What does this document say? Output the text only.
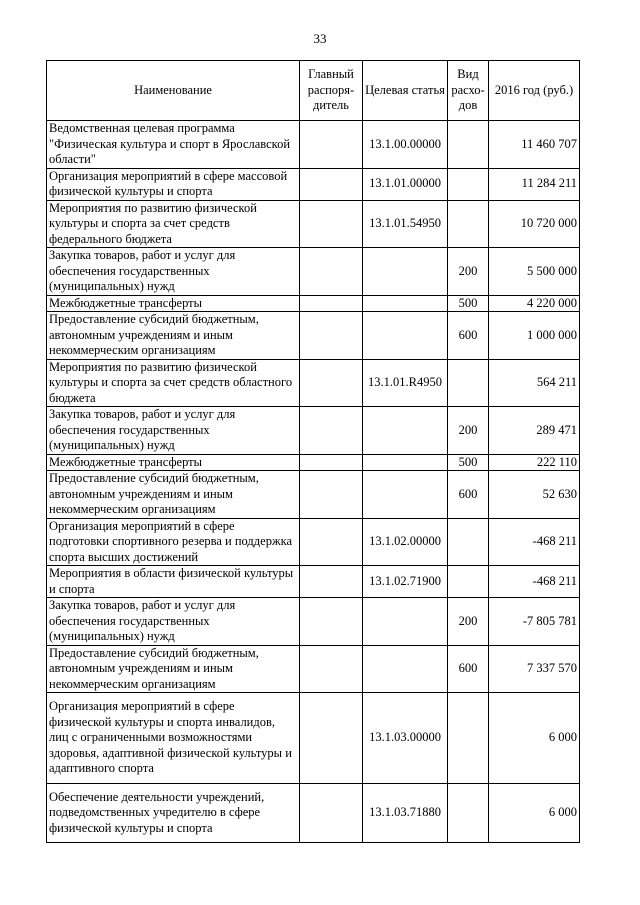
33
Наименование	Главный распоря-дитель	Целевая статья	Вид расхо-дов	2016 год (руб.)
Ведомственная целевая программа "Физическая культура и спорт в Ярославской области"		13.1.00.00000		11 460 707
Организация мероприятий в сфере массовой физической культуры и спорта		13.1.01.00000		11 284 211
Мероприятия по развитию физической культуры и спорта за счет средств федерального бюджета		13.1.01.54950		10 720 000
Закупка товаров, работ и услуг для обеспечения государственных (муниципальных) нужд			200	5 500 000
Межбюджетные трансферты			500	4 220 000
Предоставление субсидий бюджетным, автономным учреждениям и иным некоммерческим организациям			600	1 000 000
Мероприятия по развитию физической культуры и спорта за счет средств областного бюджета		13.1.01.R4950		564 211
Закупка товаров, работ и услуг для обеспечения государственных (муниципальных) нужд			200	289 471
Межбюджетные трансферты			500	222 110
Предоставление субсидий бюджетным, автономным учреждениям и иным некоммерческим организациям			600	52 630
Организация мероприятий в сфере подготовки спортивного резерва и поддержка спорта высших достижений		13.1.02.00000		-468 211
Мероприятия в области физической культуры и спорта		13.1.02.71900		-468 211
Закупка товаров, работ и услуг для обеспечения государственных (муниципальных) нужд			200	-7 805 781
Предоставление субсидий бюджетным, автономным учреждениям и иным некоммерческим организациям			600	7 337 570
Организация мероприятий в сфере физической культуры и спорта инвалидов, лиц с ограниченными возможностями здоровья, адаптивной физической культуры и адаптивного спорта		13.1.03.00000		6 000
Обеспечение деятельности учреждений, подведомственных учредителю в сфере физической культуры и спорта		13.1.03.71880		6 000
